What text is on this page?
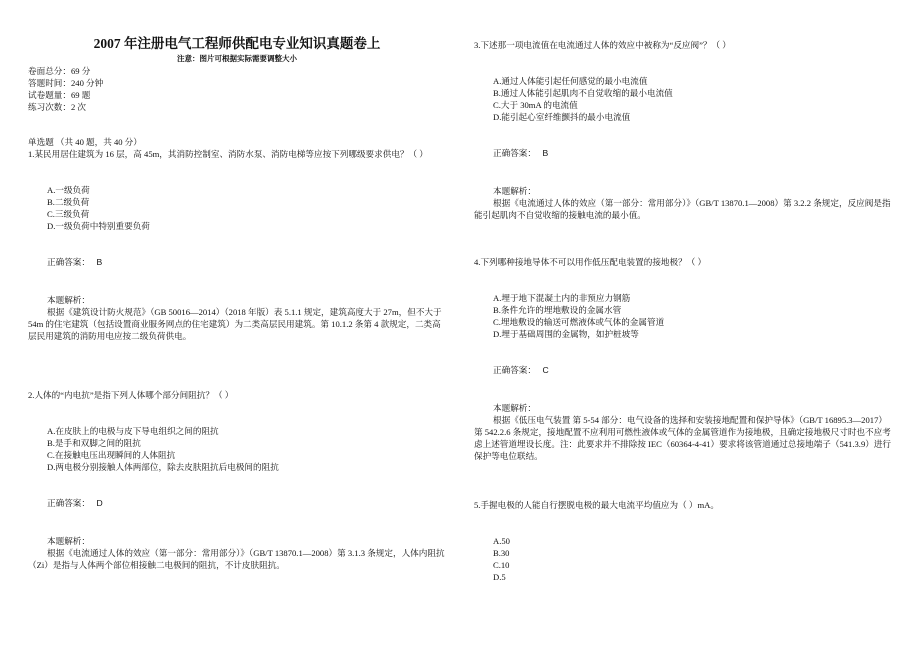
2007 年注册电气工程师供配电专业知识真题卷上
注意：图片可根据实际需要调整大小
卷面总分：69 分
答题时间：240 分钟
试卷题量：69 题
练习次数：2 次
单选题 （共 40 题，共 40 分）
1.某民用居住建筑为 16 层，高 45m，其消防控制室、消防水泵、消防电梯等应按下列哪级要求供电？（ ）
A.一级负荷
B.二级负荷
C.三级负荷
D.一级负荷中特别重要负荷
正确答案： B
本题解析：
根据《建筑设计防火规范》（GB 50016—2014）（2018 年版）表 5.1.1 规定，建筑高度大于 27m，但不大于 54m 的住宅建筑（包括设置商业服务网点的住宅建筑）为二类高层民用建筑。第 10.1.2 条第 4 款规定，二类高层民用建筑的消防用电应按二级负荷供电。
2.人体的“内电抗”是指下列人体哪个部分间阻抗？（ ）
A.在皮肤上的电极与皮下导电组织之间的阻抗
B.是手和双脚之间的阻抗
C.在接触电压出现瞬间的人体阻抗
D.两电极分别接触人体两部位，除去皮肤阻抗后电极间的阻抗
正确答案： D
本题解析：
根据《电流通过人体的效应（第一部分：常用部分）》（GB/T 13870.1—2008）第 3.1.3 条规定，人体内阻抗（Zi）是指与人体两个部位相接触二电极间的阻抗，不计皮肤阻抗。
3.下述那一项电流值在电流通过人体的效应中被称为“反应阀”？（ ）
A.通过人体能引起任何感觉的最小电流值
B.通过人体能引起肌肉不自觉收缩的最小电流值
C.大于 30mA 的电流值
D.能引起心室纤维颤抖的最小电流值
正确答案： B
本题解析：
根据《电流通过人体的效应（第一部分：常用部分）》（GB/T 13870.1—2008）第 3.2.2 条规定，反应阀是指能引起肌肉不自觉收缩的接触电流的最小值。
4.下列哪种接地导体不可以用作低压配电装置的接地极？（ ）
A.埋于地下混凝土内的非预应力钢筋
B.条件允许的埋地敷设的金属水管
C.埋地敷设的输送可燃液体或气体的金属管道
D.埋于基础周围的金属物，如护桩坡等
正确答案： C
本题解析：
根据《低压电气装置 第 5-54 部分：电气设备的选择和安装接地配置和保护导体》（GB/T 16895.3—2017）第 542.2.6 条规定，接地配置不应利用可燃性液体或气体的金属管道作为接地极，且确定接地极尺寸时也不应考虑上述管道埋设长度。注：此要求并不排除按 IEC（60364-4-41）要求将该管道通过总接地端子（541.3.9）进行保护等电位联结。
5.手握电极的人能自行摆脱电极的最大电流平均值应为（ ）mA。
A.50
B.30
C.10
D.5
